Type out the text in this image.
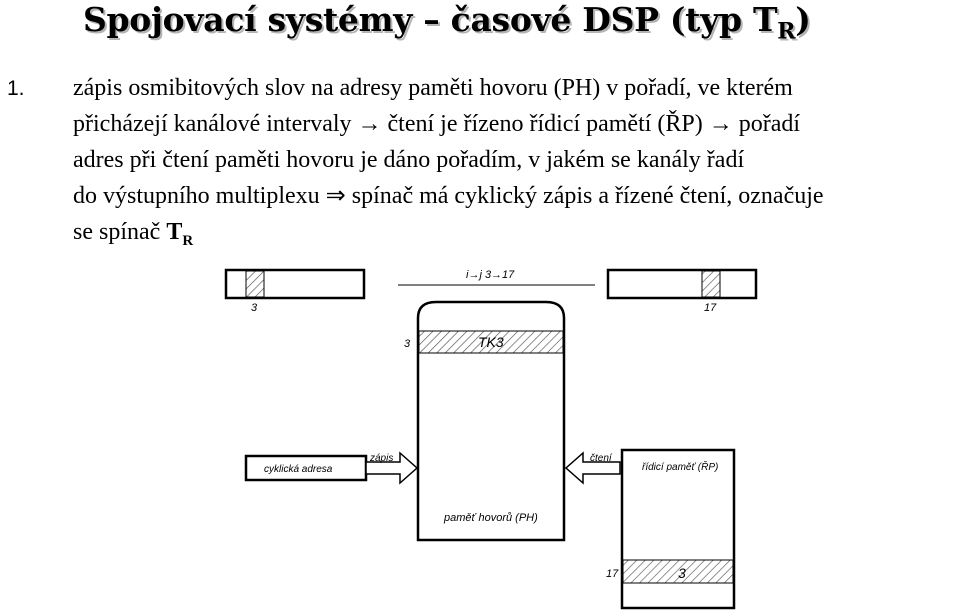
Spojovací systémy – časové DSP (typ $T_R$)
1. zápis osmibitových slov na adresy paměti hovoru (PH) v pořadí, ve kterém
přicházejí kanálové intervaly → čtení je řízeno řídicí pamětí (ŘP) → pořadí
adres při čtení paměti hovoru je dáno pořadím, v jakém se kanály řadí
do výstupního multiplexu ⇒ spínač má cyklický zápis a řízené čtení, označuje
se spínač $T_R$
3
i→j 3→17
17
3	TK3
paměť hovorů (PH)
cyklická adresa
zápis	čtení
řídicí paměť (ŘP)
17	3
